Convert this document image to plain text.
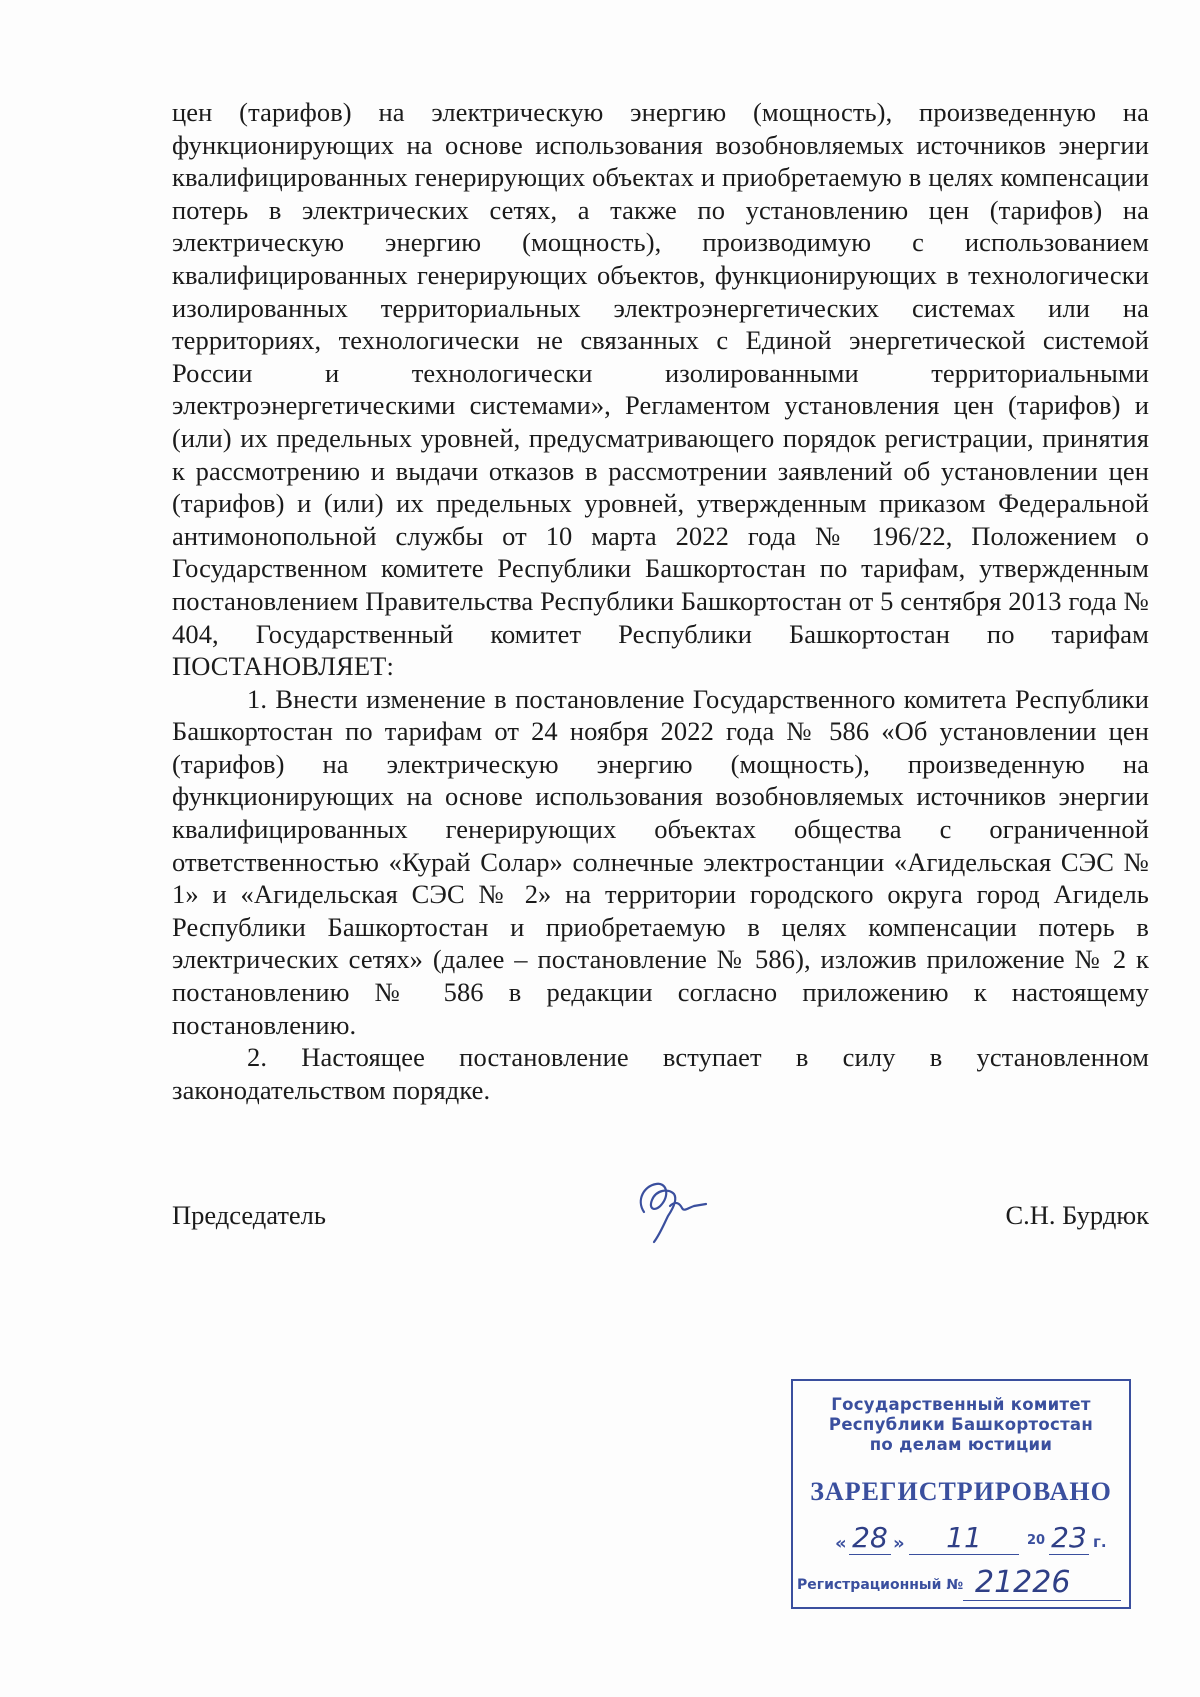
цен (тарифов) на электрическую энергию (мощность), произведенную на функционирующих на основе использования возобновляемых источников энергии квалифицированных генерирующих объектах и приобретаемую в целях компенсации потерь в электрических сетях, а также по установлению цен (тарифов) на электрическую энергию (мощность), производимую с использованием квалифицированных генерирующих объектов, функционирующих в технологически изолированных территориальных электроэнергетических системах или на территориях, технологически не связанных с Единой энергетической системой России и технологически изолированными территориальными электроэнергетическими системами», Регламентом установления цен (тарифов) и (или) их предельных уровней, предусматривающего порядок регистрации, принятия к рассмотрению и выдачи отказов в рассмотрении заявлений об установлении цен (тарифов) и (или) их предельных уровней, утвержденным приказом Федеральной антимонопольной службы от 10 марта 2022 года № 196/22, Положением о Государственном комитете Республики Башкортостан по тарифам, утвержденным постановлением Правительства Республики Башкортостан от 5 сентября 2013 года № 404, Государственный комитет Республики Башкортостан по тарифам ПОСТАНОВЛЯЕТ:

1. Внести изменение в постановление Государственного комитета Республики Башкортостан по тарифам от 24 ноября 2022 года № 586 «Об установлении цен (тарифов) на электрическую энергию (мощность), произведенную на функционирующих на основе использования возобновляемых источников энергии квалифицированных генерирующих объектах общества с ограниченной ответственностью «Курай Солар» солнечные электростанции «Агидельская СЭС № 1» и «Агидельская СЭС № 2» на территории городского округа город Агидель Республики Башкортостан и приобретаемую в целях компенсации потерь в электрических сетях» (далее – постановление № 586), изложив приложение № 2 к постановлению № 586 в редакции согласно приложению к настоящему постановлению.

2. Настоящее постановление вступает в силу в установленном законодательством порядке.

Председатель	С.Н. Бурдюк
Государственный комитет
Республики Башкортостан
по делам юстиции
ЗАРЕГИСТРИРОВАНО
« 28 »	11	20 23 г.
Регистрационный № 21226
